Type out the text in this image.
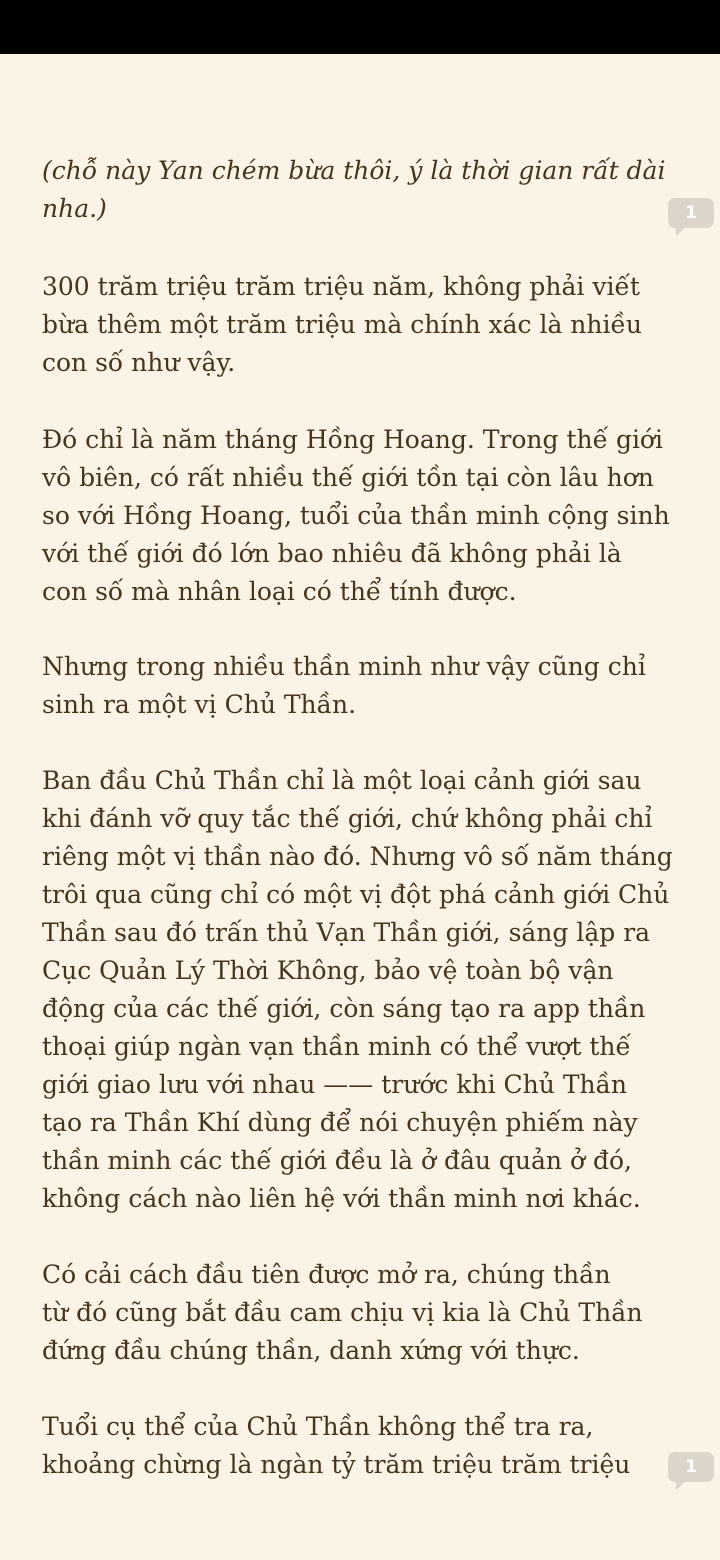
(chỗ này Yan chém bừa thôi, ý là thời gian rất dài
nha.)	1

300 trăm triệu trăm triệu năm, không phải viết
bừa thêm một trăm triệu mà chính xác là nhiều
con số như vậy.

Đó chỉ là năm tháng Hồng Hoang. Trong thế giới
vô biên, có rất nhiều thế giới tồn tại còn lâu hơn
so với Hồng Hoang, tuổi của thần minh cộng sinh
với thế giới đó lớn bao nhiêu đã không phải là
con số mà nhân loại có thể tính được.

Nhưng trong nhiều thần minh như vậy cũng chỉ
sinh ra một vị Chủ Thần.

Ban đầu Chủ Thần chỉ là một loại cảnh giới sau
khi đánh vỡ quy tắc thế giới, chứ không phải chỉ
riêng một vị thần nào đó. Nhưng vô số năm tháng
trôi qua cũng chỉ có một vị đột phá cảnh giới Chủ
Thần sau đó trấn thủ Vạn Thần giới, sáng lập ra
Cục Quản Lý Thời Không, bảo vệ toàn bộ vận
động của các thế giới, còn sáng tạo ra app thần
thoại giúp ngàn vạn thần minh có thể vượt thế
giới giao lưu với nhau —— trước khi Chủ Thần
tạo ra Thần Khí dùng để nói chuyện phiếm này
thần minh các thế giới đều là ở đâu quản ở đó,
không cách nào liên hệ với thần minh nơi khác.

Có cải cách đầu tiên được mở ra, chúng thần
từ đó cũng bắt đầu cam chịu vị kia là Chủ Thần
đứng đầu chúng thần, danh xứng với thực.

Tuổi cụ thể của Chủ Thần không thể tra ra,
khoảng chừng là ngàn tỷ trăm triệu trăm triệu	1
